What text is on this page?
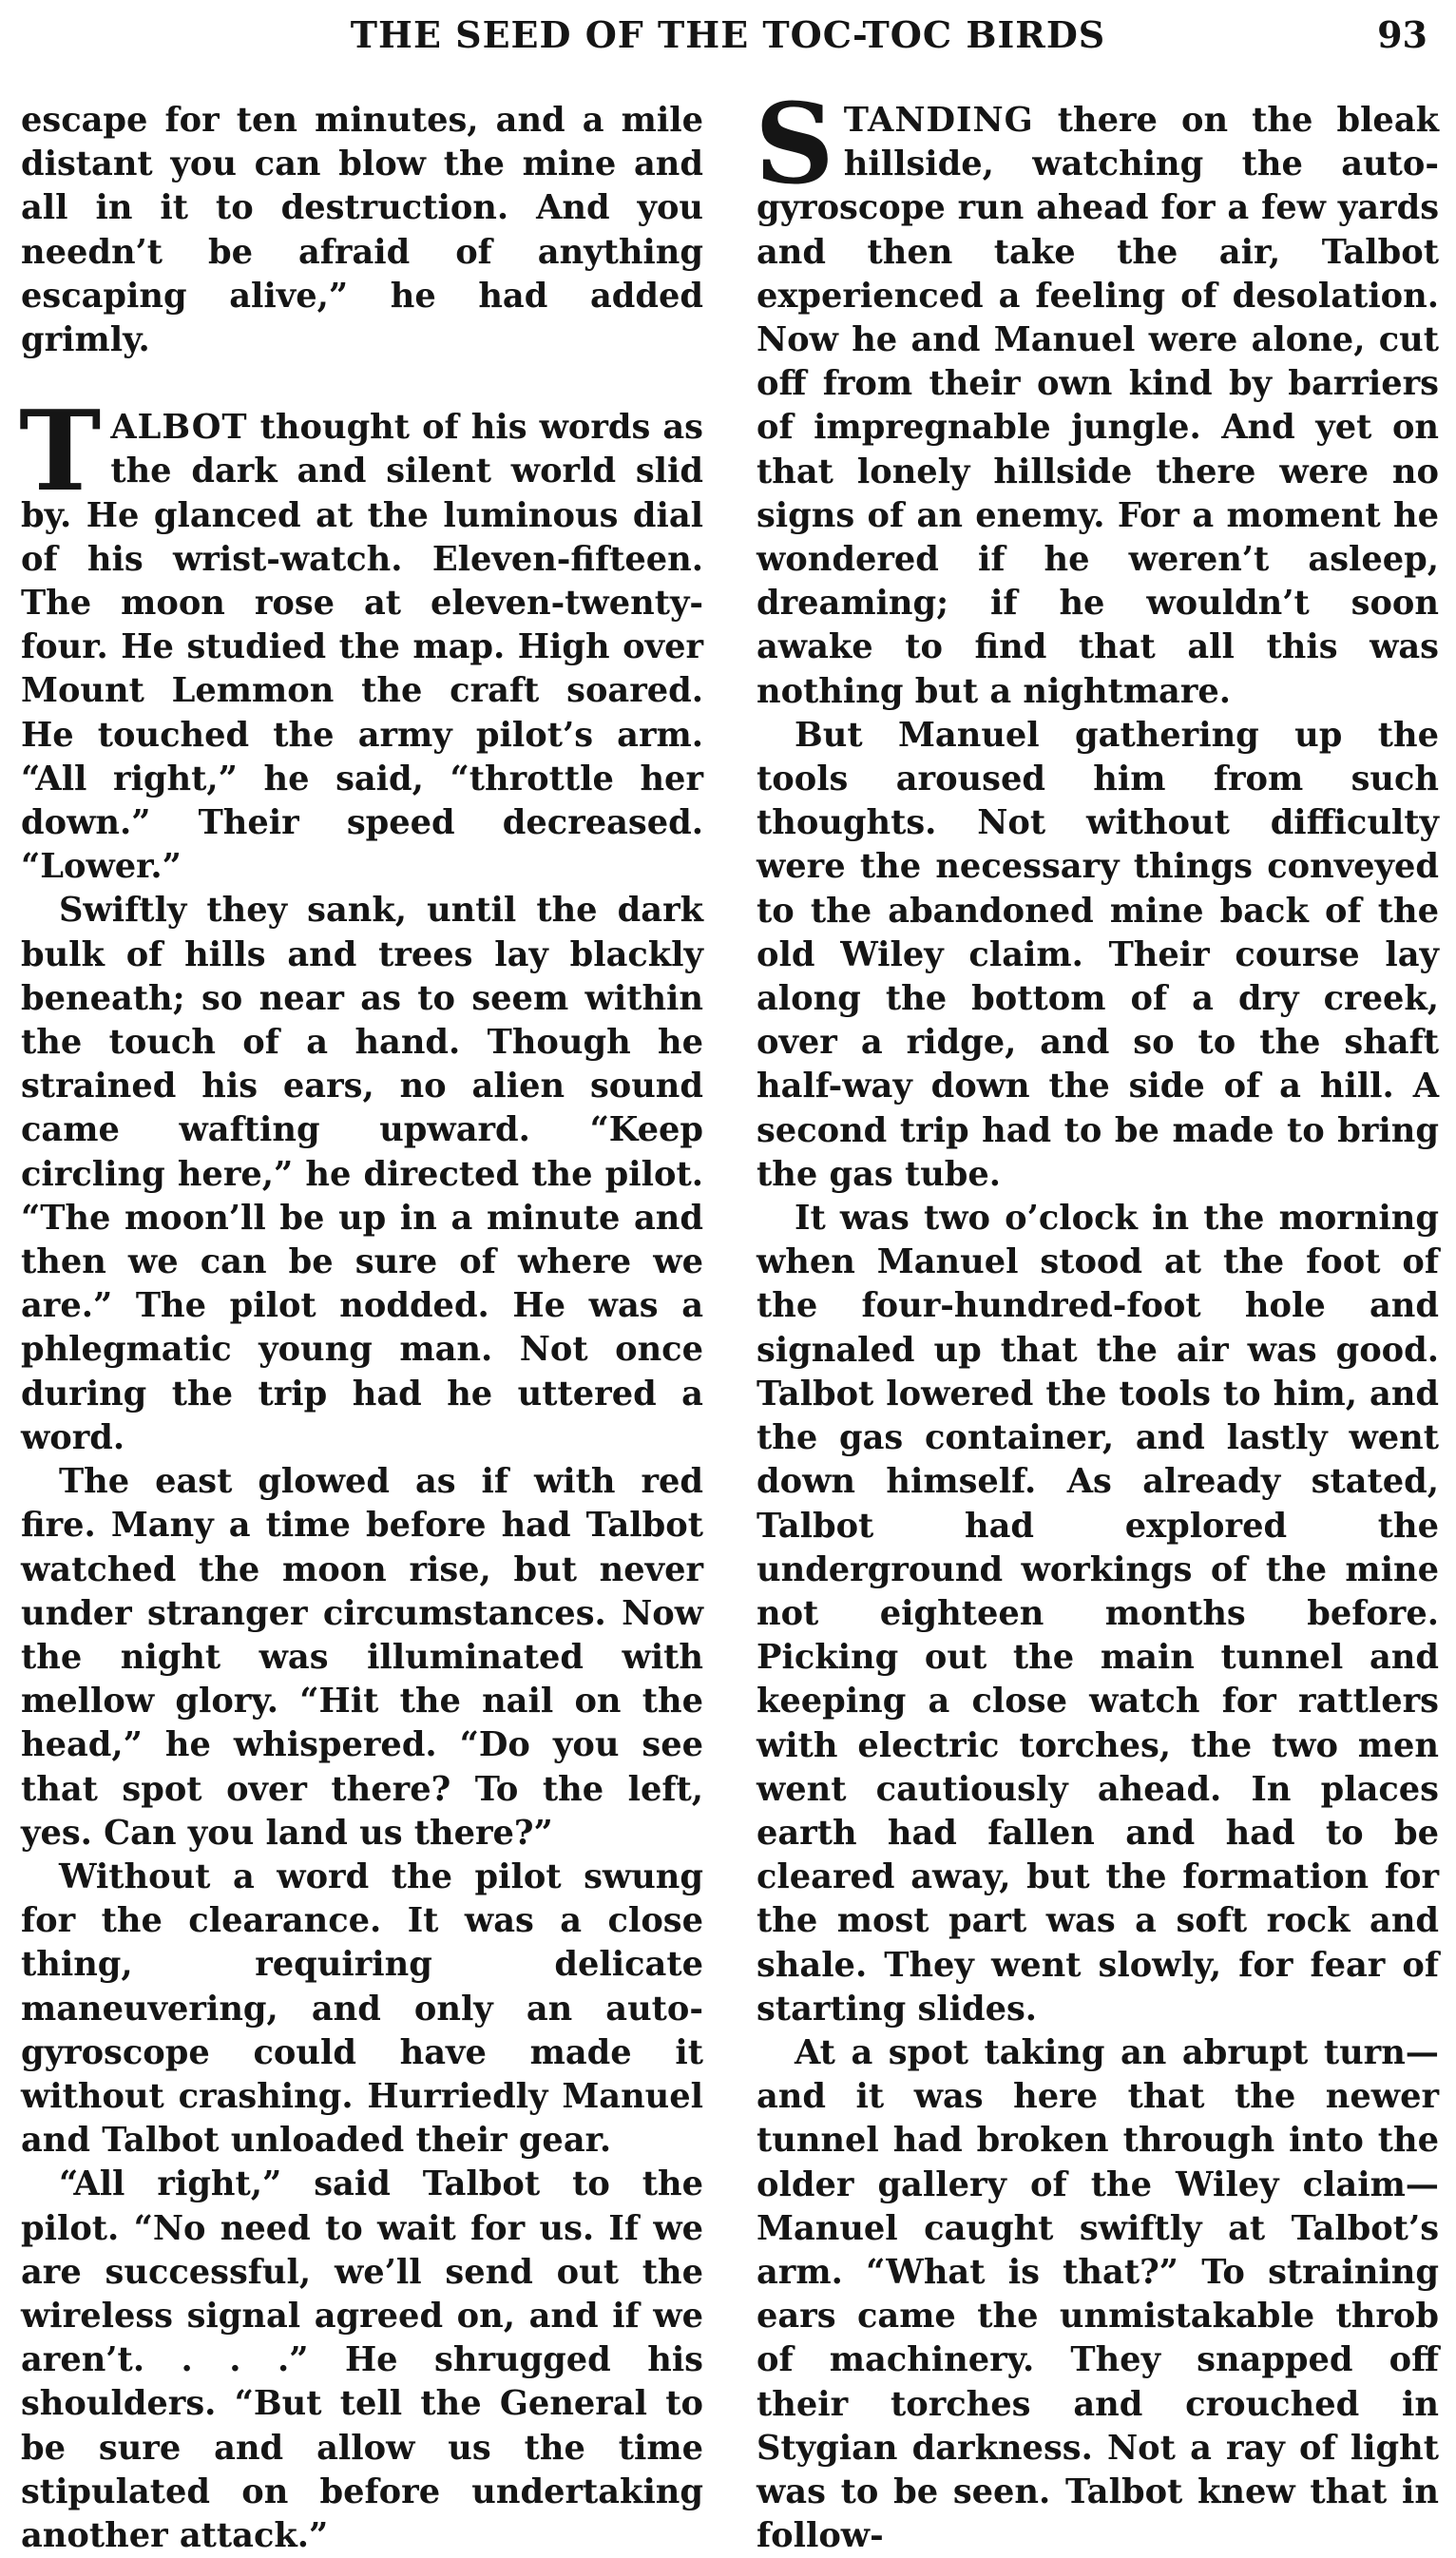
THE SEED OF THE TOC-TOC BIRDS	93

escape for ten minutes, and a mile distant you can blow the mine and all in it to destruction. And you needn’t be afraid of anything escaping alive,” he had added grimly.

TALBOT thought of his words as the dark and silent world slid by. He glanced at the luminous dial of his wrist-watch. Eleven-fifteen. The moon rose at eleven-twenty-four. He studied the map. High over Mount Lemmon the craft soared. He touched the army pilot’s arm. “All right,” he said, “throttle her down.” Their speed decreased. “Lower.”

Swiftly they sank, until the dark bulk of hills and trees lay blackly beneath; so near as to seem within the touch of a hand. Though he strained his ears, no alien sound came wafting upward. “Keep circling here,” he directed the pilot. “The moon’ll be up in a minute and then we can be sure of where we are.” The pilot nodded. He was a phlegmatic young man. Not once during the trip had he uttered a word.

The east glowed as if with red fire. Many a time before had Talbot watched the moon rise, but never under stranger circumstances. Now the night was illuminated with mellow glory. “Hit the nail on the head,” he whispered. “Do you see that spot over there? To the left, yes. Can you land us there?”

Without a word the pilot swung for the clearance. It was a close thing, requiring delicate maneuvering, and only an auto-gyroscope could have made it without crashing. Hurriedly Manuel and Talbot unloaded their gear.

“All right,” said Talbot to the pilot. “No need to wait for us. If we are successful, we’ll send out the wireless signal agreed on, and if we aren’t. . . .” He shrugged his shoulders. “But tell the General to be sure and allow us the time stipulated on before undertaking another attack.”

STANDING there on the bleak hillside, watching the auto-gyroscope run ahead for a few yards and then take the air, Talbot experienced a feeling of desolation. Now he and Manuel were alone, cut off from their own kind by barriers of impregnable jungle. And yet on that lonely hillside there were no signs of an enemy. For a moment he wondered if he weren’t asleep, dreaming; if he wouldn’t soon awake to find that all this was nothing but a nightmare.

But Manuel gathering up the tools aroused him from such thoughts. Not without difficulty were the necessary things conveyed to the abandoned mine back of the old Wiley claim. Their course lay along the bottom of a dry creek, over a ridge, and so to the shaft half-way down the side of a hill. A second trip had to be made to bring the gas tube.

It was two o’clock in the morning when Manuel stood at the foot of the four-hundred-foot hole and signaled up that the air was good. Talbot lowered the tools to him, and the gas container, and lastly went down himself. As already stated, Talbot had explored the underground workings of the mine not eighteen months before. Picking out the main tunnel and keeping a close watch for rattlers with electric torches, the two men went cautiously ahead. In places earth had fallen and had to be cleared away, but the formation for the most part was a soft rock and shale. They went slowly, for fear of starting slides.

At a spot taking an abrupt turn—and it was here that the newer tunnel had broken through into the older gallery of the Wiley claim—Manuel caught swiftly at Talbot’s arm. “What is that?” To straining ears came the unmistakable throb of machinery. They snapped off their torches and crouched in Stygian darkness. Not a ray of light was to be seen. Talbot knew that in follow-
